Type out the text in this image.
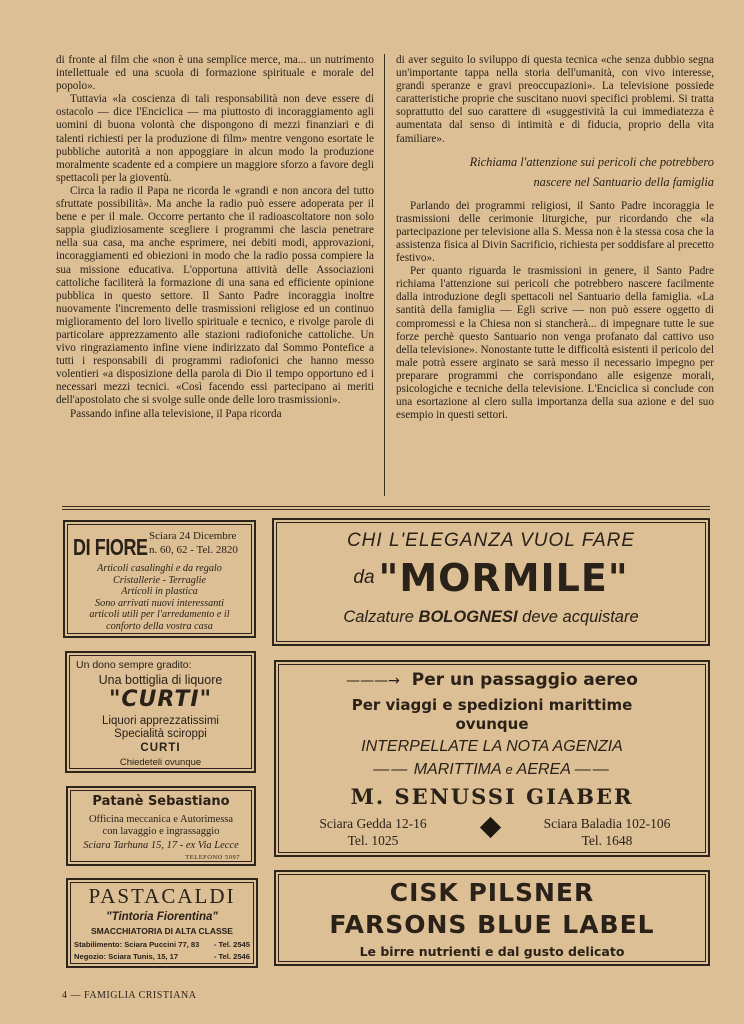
di fronte al film che «non è una semplice merce, ma... un nutrimento intellettuale ed una scuola di formazione spirituale e morale del popolo».

Tuttavia «la coscienza di tali responsabilità non deve essere di ostacolo — dice l'Enciclica — ma piuttosto di incoraggiamento agli uomini di buona volontà che dispongono di mezzi finanziari e di talenti richiesti per la produzione di film» mentre vengono esortate le pubbliche autorità a non appoggiare in alcun modo la produzione moralmente scadente ed a compiere un maggiore sforzo a favore degli spettacoli per la gioventù.

Circa la radio il Papa ne ricorda le «grandi e non ancora del tutto sfruttate possibilità». Ma anche la radio può essere adoperata per il bene e per il male. Occorre pertanto che il radioascoltatore non solo sappia giudiziosamente scegliere i programmi che lascia penetrare nella sua casa, ma anche esprimere, nei debiti modi, approvazioni, incoraggiamenti ed obiezioni in modo che la radio possa compiere la sua missione educativa. L'opportuna attività delle Associazioni cattoliche faciliterà la formazione di una sana ed efficiente opinione pubblica in questo settore. Il Santo Padre incoraggia inoltre nuovamente l'incremento delle trasmissioni religiose ed un continuo miglioramento del loro livello spirituale e tecnico, e rivolge parole di particolare apprezzamento alle stazioni radiofoniche cattoliche. Un vivo ringraziamento infine viene indirizzato dal Sommo Pontefice a tutti i responsabili di programmi radiofonici che hanno messo volentieri «a disposizione della parola di Dio il tempo opportuno ed i necessari mezzi tecnici. «Così facendo essi partecipano ai meriti dell'apostolato che si svolge sulle onde delle loro trasmissioni».

Passando infine alla televisione, il Papa ricorda

di aver seguito lo sviluppo di questa tecnica «che senza dubbio segna un'importante tappa nella storia dell'umanità, con vivo interesse, grandi speranze e gravi preoccupazioni». La televisione possiede caratteristiche proprie che suscitano nuovi specifici problemi. Si tratta soprattutto del suo carattere di «suggestività la cui immediatezza è aumentata dal senso di intimità e di fiducia, proprio della vita familiare».

Richiama l'attenzione sui pericoli che potrebbero
nascere nel Santuario della famiglia

Parlando dei programmi religiosi, il Santo Padre incoraggia le trasmissioni delle cerimonie liturgiche, pur ricordando che «la partecipazione per televisione alla S. Messa non è la stessa cosa che la assistenza fisica al Divin Sacrificio, richiesta per soddisfare al precetto festivo».

Per quanto riguarda le trasmissioni in genere, il Santo Padre richiama l'attenzione sui pericoli che potrebbero nascere facilmente dalla introduzione degli spettacoli nel Santuario della famiglia. «La santità della famiglia — Egli scrive — non può essere oggetto di compromessi e la Chiesa non si stancherà... di impegnare tutte le sue forze perchè questo Santuario non venga profanato dal cattivo uso della televisione». Nonostante tutte le difficoltà esistenti il pericolo del male potrà essere arginato se sarà messo il necessario impegno per preparare programmi che corrispondano alle esigenze morali, psicologiche e tecniche della televisione. L'Enciclica si conclude con una esortazione al clero sulla importanza della sua azione e del suo esempio in questi settori.

DI FIORE Sciara 24 Dicembre
n. 60, 62 - Tel. 2820
Articoli casalinghi e da regalo
Cristallerie - Terraglie
Articoli in plastica
Sono arrivati nuovi interessanti
articoli utili per l'arredamento e il
conforto della vostra casa
CHI L'ELEGANZA VUOL FARE
da "MORMILE"
Calzature BOLOGNESI deve acquistare
Un dono sempre gradito:
Una bottiglia di liquore
"CURTI"
Liquori apprezzatissimi
Specialità sciroppi
CURTI
Chiedeteli ovunque
———→ Per un passaggio aereo
Per viaggi e spedizioni marittime
ovunque
INTERPELLATE LA NOTA AGENZIA
—— MARITTIMA e AEREA ——
M. SENUSSI GIABER
Sciara Gedda 12-16
Tel. 1025
Sciara Baladia 102-106
Tel. 1648
Patanè Sebastiano
Officina meccanica e Autorimessa
con lavaggio e ingrassaggio
Sciara Tarhuna 15, 17 - ex Via Lecce
TELEFONO 5097
PASTACALDI
"Tintoria Fiorentina"
SMACCHIATORIA DI ALTA CLASSE
Stabilimento: Sciara Puccini 77, 83 - Tel. 2545
Negozio: Sciara Tunis, 15, 17	- Tel. 2546
CISK PILSNER
FARSONS BLUE LABEL
Le birre nutrienti e dal gusto delicato
4 — FAMIGLIA CRISTIANA
